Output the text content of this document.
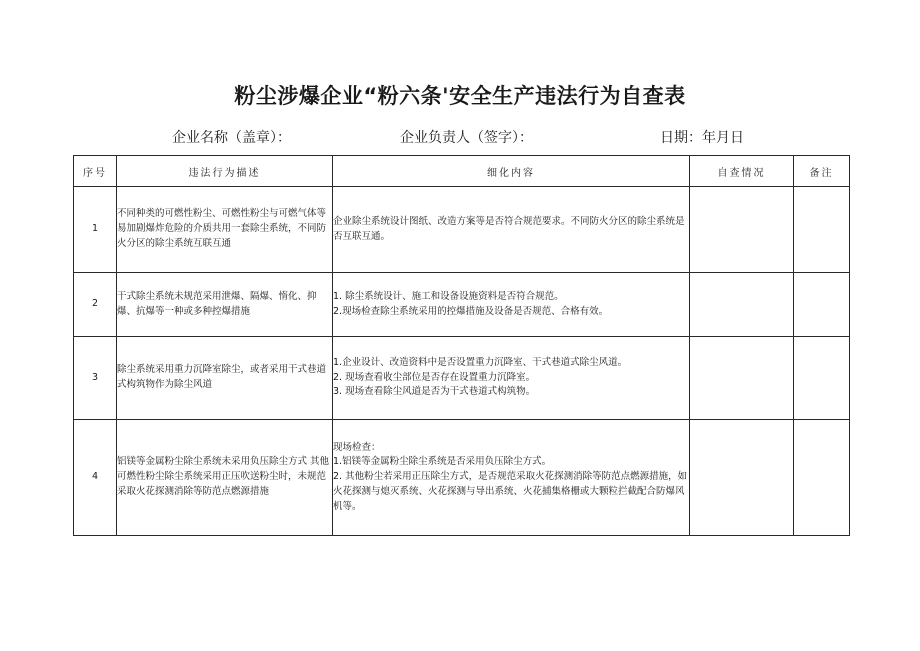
粉尘涉爆企业“粉六条'安全生产违法行为自查表
企业名称（盖章）：	企业负责人（签字）：	日期：年月日
序号	违法行为描述	细化内容	自查情况	备注
1	不同种类的可燃性粉尘、可燃性粉尘与可燃气体等易加剧爆炸危险的介质共用一套除尘系统，不同防火分区的除尘系统互联互通	企业除尘系统设计图纸、改造方案等是否符合规范要求。不同防火分区的除尘系统是否互联互通。		

2	干式除尘系统未规范采用泄爆、隔爆、惰化、抑爆、抗爆等一种或多种控爆措施	1. 除尘系统设计、施工和设备设施资料是否符合规范。
2.现场检查除尘系统采用的控爆措施及设备是否规范、合格有效。		

3	除尘系统采用重力沉降室除尘，或者采用干式巷道式构筑物作为除尘风道	1.企业设计、改造资料中是否设置重力沉降室、干式巷道式除尘风道。
2. 现场查看收尘部位是否存在设置重力沉降室。
3. 现场查看除尘风道是否为干式巷道式构筑物。		

4	铝镁等金属粉尘除尘系统未采用负压除尘方式 其他可燃性粉尘除尘系统采用正压吹送粉尘时，未规范采取火花探测消除等防范点燃源措施	现场检查：
1.铝镁等金属粉尘除尘系统是否采用负压除尘方式。
2. 其他粉尘若采用正压除尘方式，是否规范采取火花探测消除等防范点燃源措施，如火花探测与熄灭系统、火花探测与导出系统、火花捕集格栅或大颗粒拦截配合防爆风机等。		
